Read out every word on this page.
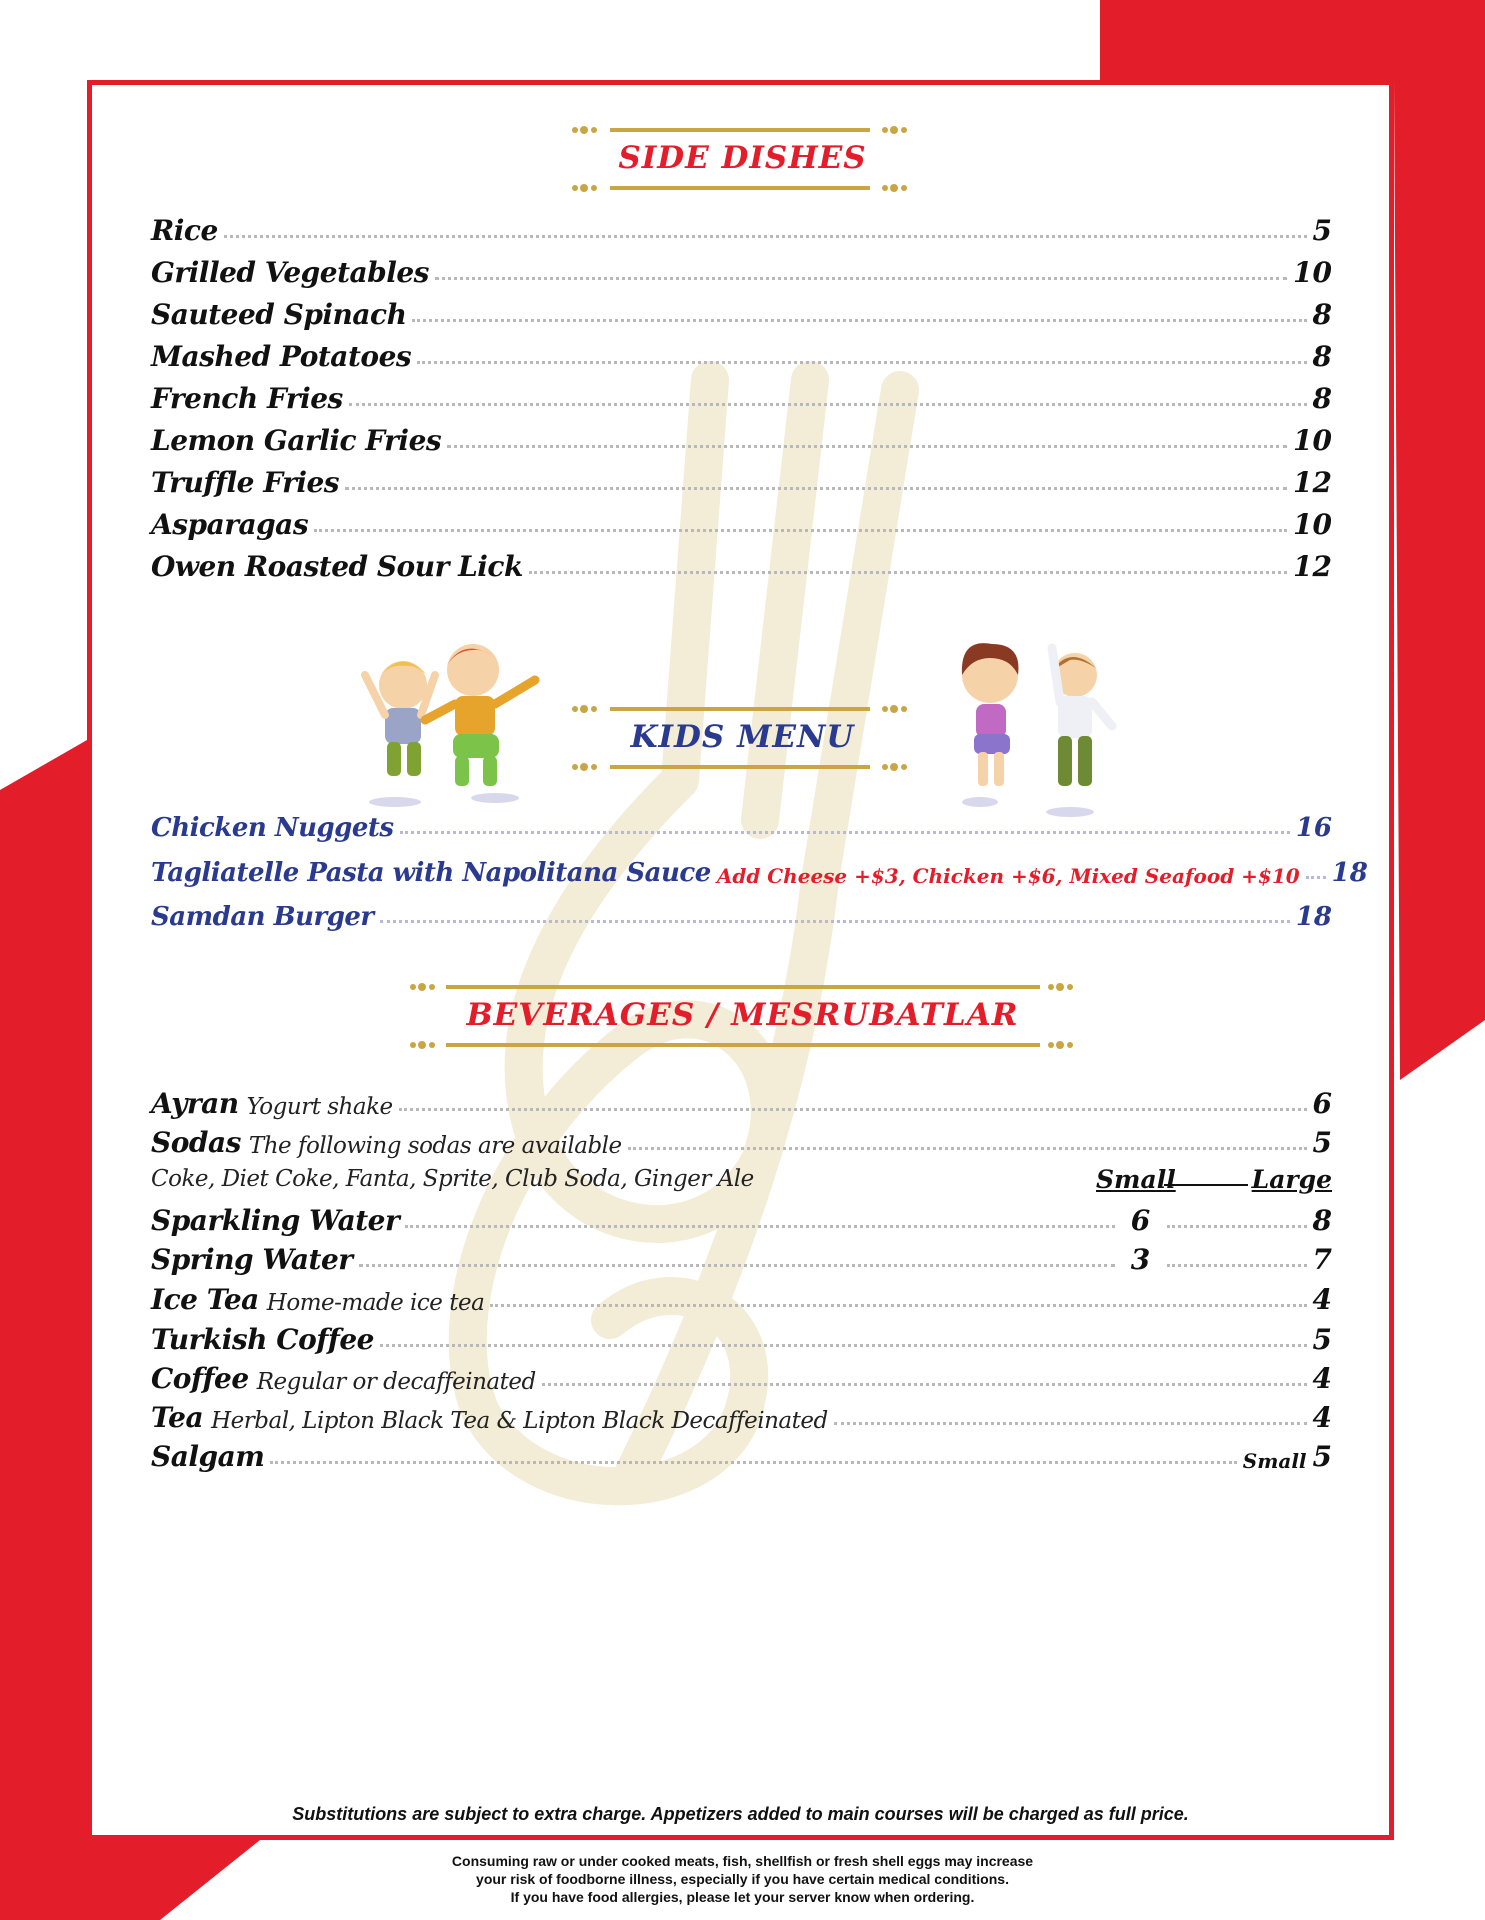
SIDE DISHES
Rice	5
Grilled Vegetables	10
Sauteed Spinach	8
Mashed Potatoes	8
French Fries	8
Lemon Garlic Fries	10
Truffle Fries	12
Asparagas	10
Owen Roasted Sour Lick	12
KIDS MENU
Chicken Nuggets	16
Tagliatelle Pasta with Napolitana Sauce Add Cheese +$3, Chicken +$6, Mixed Seafood +$10 18
Samdan Burger	18
BEVERAGES / MESRUBATLAR
Ayran Yogurt shake	6
Sodas The following sodas are available	5
Coke, Diet Coke, Fanta, Sprite, Club Soda, Ginger Ale	Small	Large
Sparkling Water	6	8
Spring Water	3	7
Ice Tea Home-made ice tea	4
Turkish Coffee	5
Coffee Regular or decaffeinated	4
Tea Herbal, Lipton Black Tea & Lipton Black Decaffeinated	4
Salgam	Small 5
Substitutions are subject to extra charge. Appetizers added to main courses will be charged as full price.
Consuming raw or under cooked meats, fish, shellfish or fresh shell eggs may increase
your risk of foodborne illness, especially if you have certain medical conditions.
If you have food allergies, please let your server know when ordering.
